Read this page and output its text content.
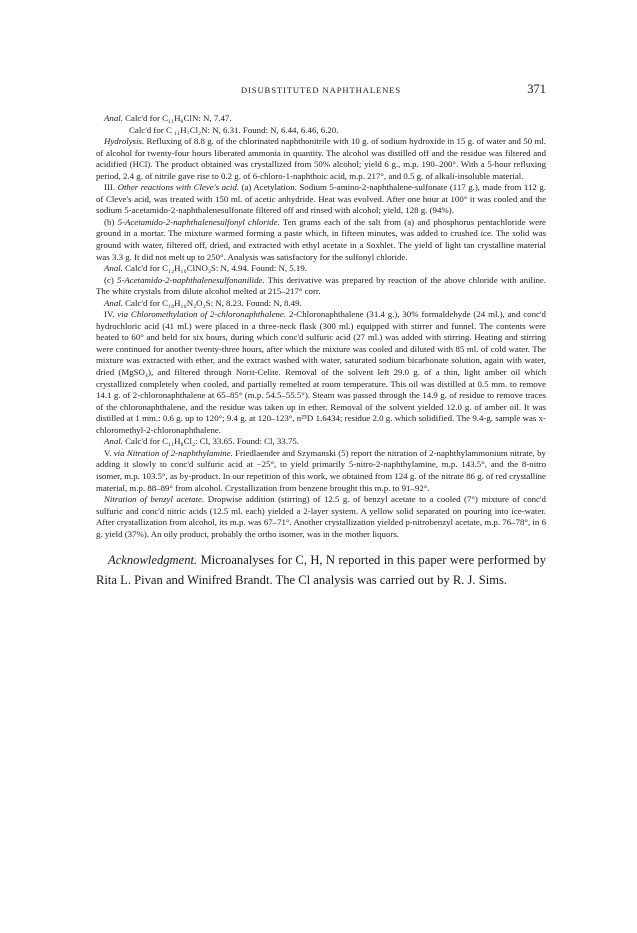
DISUBSTITUTED NAPHTHALENES	371

Anal. Calc'd for C₁₁H₈ClN: N, 7.47.

Calc'd for C ₁₁H₇Cl₂N: N, 6.31. Found: N, 6.44, 6.46, 6.20.

Hydrolysis. Refluxing of 8.8 g. of the chlorinated naphthonitrile with 10 g. of sodium hydroxide in 15 g. of water and 50 ml. of alcohol for twenty-four hours liberated ammonia in quantity. The alcohol was distilled off and the residue was filtered and acidified (HCl). The product obtained was crystallized from 50% alcohol; yield 6 g., m.p. 190–200°. With a 5-hour refluxing period, 2.4 g. of nitrile gave rise to 0.2 g. of 6-chloro-1-naphthoic acid, m.p. 217°, and 0.5 g. of alkali-insoluble material.

III. Other reactions with Cleve's acid. (a) Acetylation. Sodium 5-amino-2-naphthalene-sulfonate (117 g.), made from 112 g. of Cleve's acid, was treated with 150 ml. of acetic anhydride. Heat was evolved. After one hour at 100° it was cooled and the sodium 5-acetamido-2-naphthalenesulfonate filtered off and rinsed with alcohol; yield, 128 g. (94%).

(b) 5-Acetamido-2-naphthalenesulfonyl chloride. Ten grams each of the salt from (a) and phosphorus pentachloride were ground in a mortar. The mixture warmed forming a paste which, in fifteen minutes, was added to crushed ice. The solid was ground with water, filtered off, dried, and extracted with ethyl acetate in a Soxhlet. The yield of light tan crystalline material was 3.3 g. It did not melt up to 250°. Analysis was satisfactory for the sulfonyl chloride.

Anal. Calc'd for C₁₂H₁₀ClNO₃S: N, 4.94. Found: N, 5.19.

(c) 5-Acetamido-2-naphthalenesulfonanilide. This derivative was prepared by reaction of the above chloride with aniline. The white crystals from dilute alcohol melted at 215–217° corr.

Anal. Calc'd for C₁₈H₁₆N₂O₃S: N, 8.23. Found: N, 8.49.

IV. via Chloromethylation of 2-chloronaphthalene. 2-Chloronaphthalene (31.4 g.), 30% formaldehyde (24 ml.), and conc'd hydrochloric acid (41 ml.) were placed in a three-neck flask (300 ml.) equipped with stirrer and funnel. The contents were heated to 60° and held for six hours, during which conc'd sulfuric acid (27 ml.) was added with stirring. Heating and stirring were continued for another twenty-three hours, after which the mixture was cooled and diluted with 85 ml. of cold water. The mixture was extracted with ether, and the extract washed with water, saturated sodium bicarbonate solution, again with water, dried (MgSO₄), and filtered through Norit-Celite. Removal of the solvent left 29.0 g. of a thin, light amber oil which crystallized completely when cooled, and partially remelted at room temperature. This oil was distilled at 0.5 mm. to remove 14.1 g. of 2-chloronaphthalene at 65–85° (m.p. 54.5–55.5°). Steam was passed through the 14.9 g. of residue to remove traces of the chloronaphthalene, and the residue was taken up in ether. Removal of the solvent yielded 12.0 g. of amber oil. It was distilled at 1 mm.: 0.6 g. up to 120°; 9.4 g. at 120–123°, n²⁵D 1.6434; residue 2.0 g. which solidified. The 9.4-g. sample was x-chloromethyl-2-chloronaphthalene.

Anal. Calc'd for C₁₁H₈Cl₂: Cl, 33.65. Found: Cl, 33.75.

V. via Nitration of 2-naphthylamine. Friedlaender and Szymanski (5) report the nitration of 2-naphthylammonium nitrate, by adding it slowly to conc'd sulfuric acid at −25°, to yield primarily 5-nitro-2-naphthylamine, m.p. 143.5°, and the 8-nitro isomer, m.p. 103.5°, as by-product. In our repetition of this work, we obtained from 124 g. of the nitrate 86 g. of red crystalline material, m.p. 88–89° from alcohol. Crystallization from benzene brought this m.p. to 91–92°.

Nitration of benzyl acetate. Dropwise addition (stirring) of 12.5 g. of benzyl acetate to a cooled (7°) mixture of conc'd sulfuric and conc'd nitric acids (12.5 ml. each) yielded a 2-layer system. A yellow solid separated on pouring into ice-water. After crystallization from alcohol, its m.p. was 67–71°. Another crystallization yielded p-nitrobenzyl acetate, m.p. 76–78°, in 6 g. yield (37%). An oily product, probably the ortho isomer, was in the mother liquors.

Acknowledgment. Microanalyses for C, H, N reported in this paper were performed by Rita L. Pivan and Winifred Brandt. The Cl analysis was carried out by R. J. Sims.
